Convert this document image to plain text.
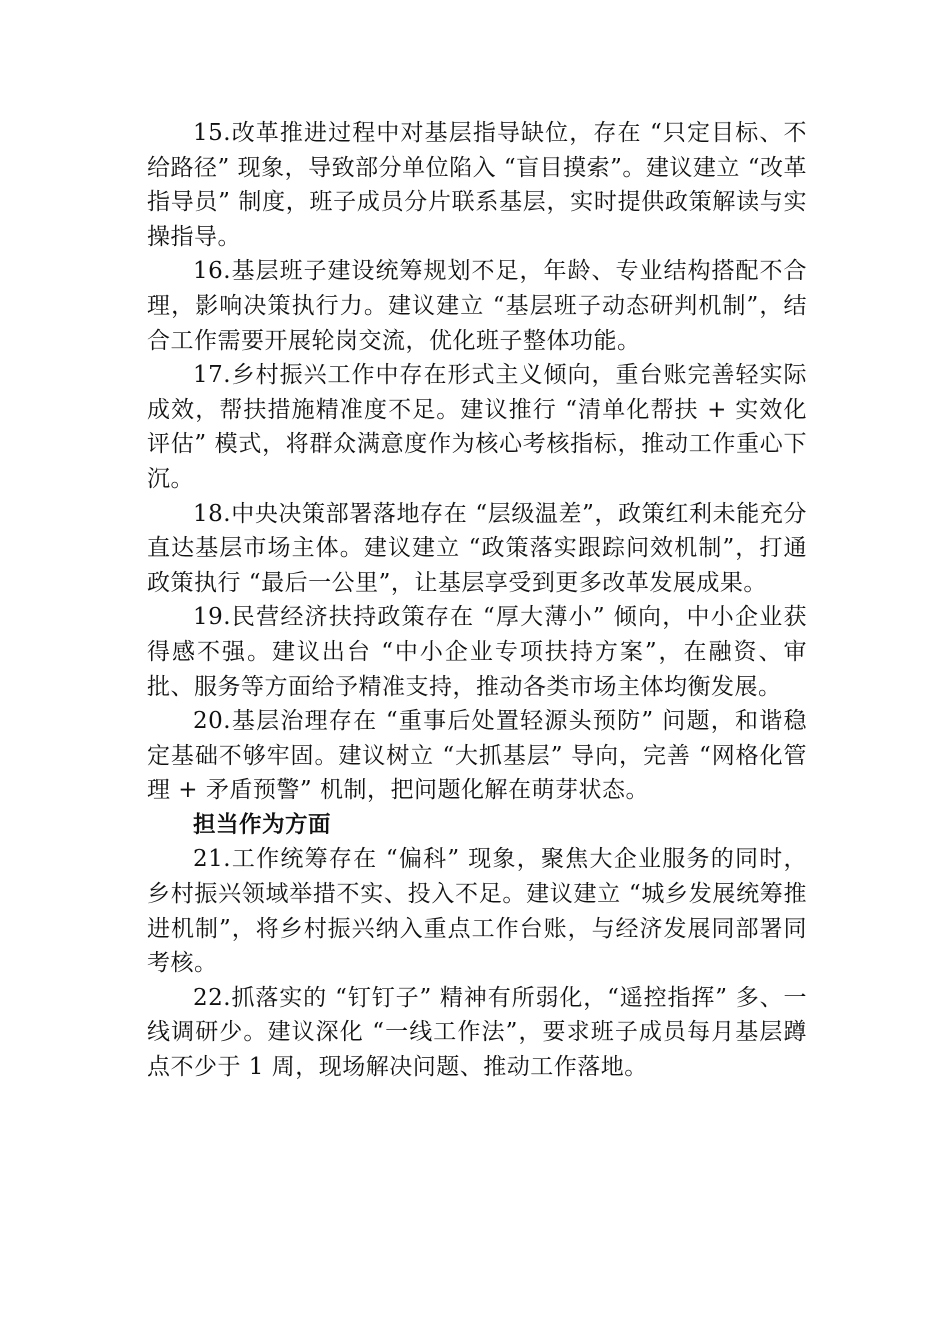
15.改革推进过程中对基层指导缺位，存在 “只定目标、不给路径” 现象，导致部分单位陷入 “盲目摸索”。建议建立 “改革指导员” 制度，班子成员分片联系基层，实时提供政策解读与实操指导。

16.基层班子建设统筹规划不足，年龄、专业结构搭配不合理，影响决策执行力。建议建立 “基层班子动态研判机制”，结合工作需要开展轮岗交流，优化班子整体功能。

17.乡村振兴工作中存在形式主义倾向，重台账完善轻实际成效，帮扶措施精准度不足。建议推行 “清单化帮扶 + 实效化评估” 模式，将群众满意度作为核心考核指标，推动工作重心下沉。

18.中央决策部署落地存在 “层级温差”，政策红利未能充分直达基层市场主体。建议建立 “政策落实跟踪问效机制”，打通政策执行 “最后一公里”，让基层享受到更多改革发展成果。

19.民营经济扶持政策存在 “厚大薄小” 倾向，中小企业获得感不强。建议出台 “中小企业专项扶持方案”，在融资、审批、服务等方面给予精准支持，推动各类市场主体均衡发展。

20.基层治理存在 “重事后处置轻源头预防” 问题，和谐稳定基础不够牢固。建议树立 “大抓基层” 导向，完善 “网格化管理 + 矛盾预警” 机制，把问题化解在萌芽状态。

担当作为方面

21.工作统筹存在 “偏科” 现象，聚焦大企业服务的同时，乡村振兴领域举措不实、投入不足。建议建立 “城乡发展统筹推进机制”，将乡村振兴纳入重点工作台账，与经济发展同部署同考核。

22.抓落实的 “钉钉子” 精神有所弱化，“遥控指挥” 多、一线调研少。建议深化 “一线工作法”，要求班子成员每月基层蹲点不少于 1 周，现场解决问题、推动工作落地。
